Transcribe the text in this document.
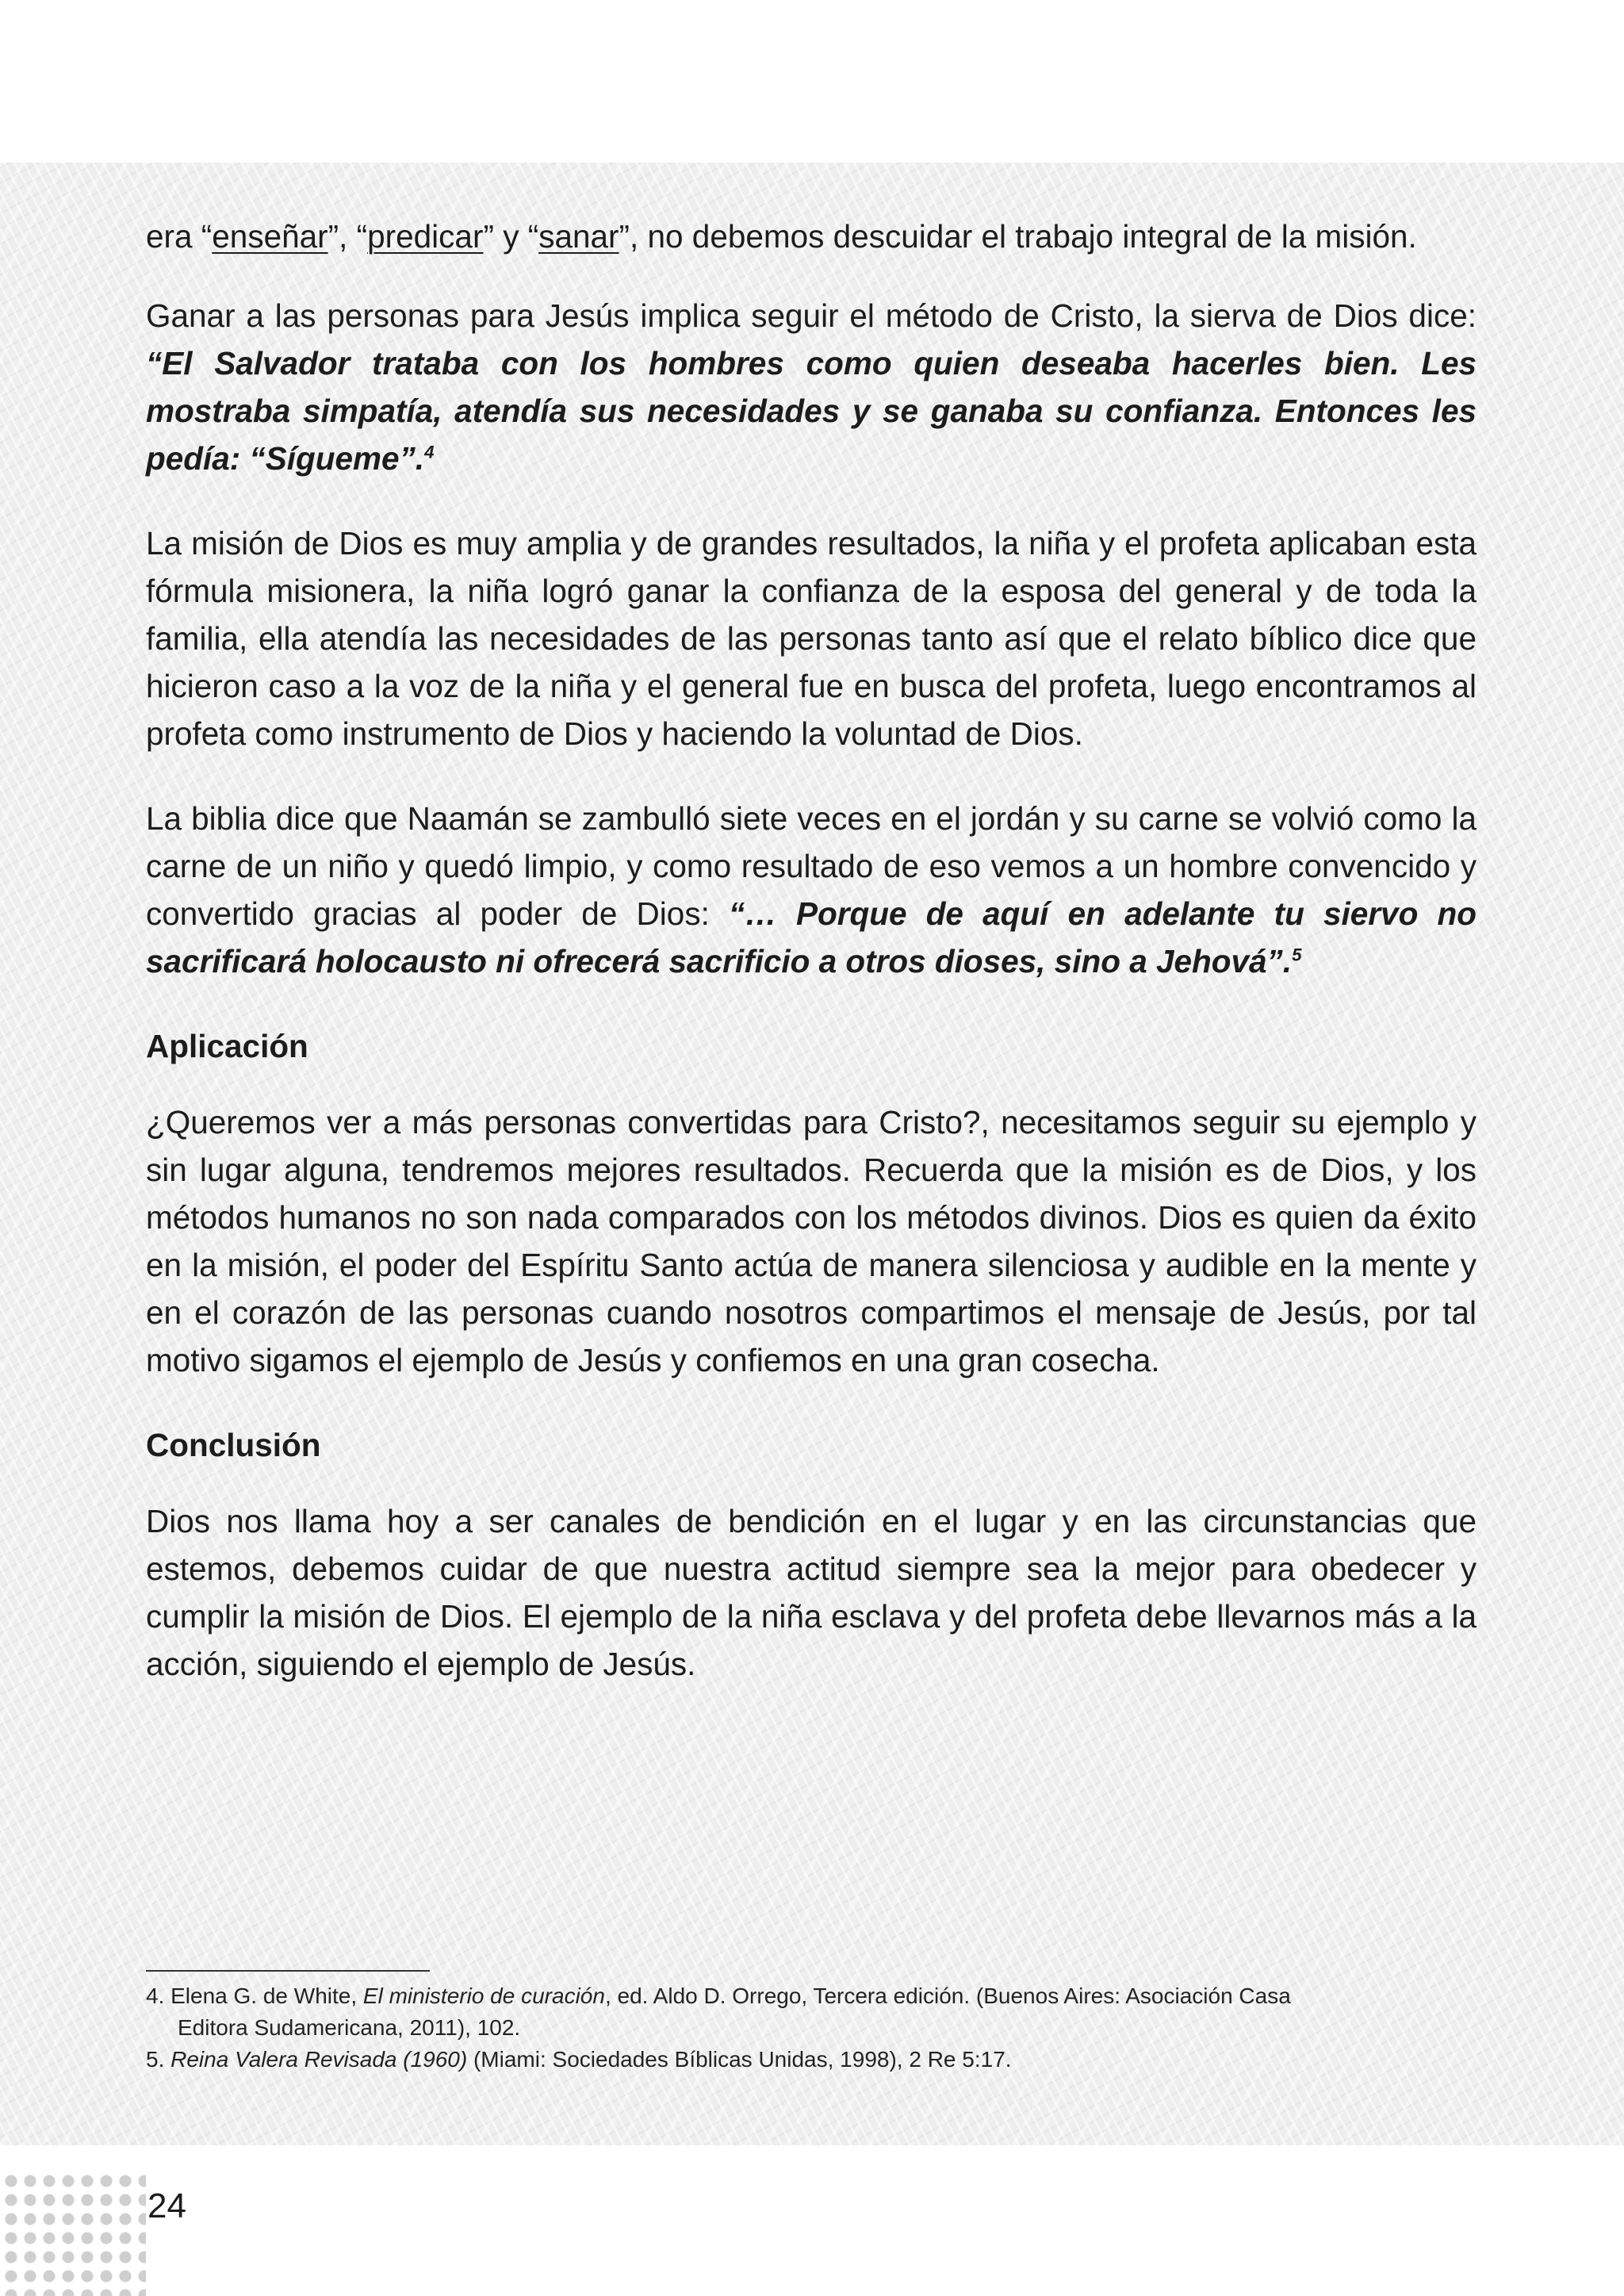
era “enseñar”, “predicar” y “sanar”, no debemos descuidar el trabajo integral de la misión.

Ganar a las personas para Jesús implica seguir el método de Cristo, la sierva de Dios dice: “El Salvador trataba con los hombres como quien deseaba hacerles bien. Les mostraba simpatía, atendía sus necesidades y se ganaba su confianza. Entonces les pedía: “Sígueme”.$^4$

La misión de Dios es muy amplia y de grandes resultados, la niña y el profeta aplicaban esta fórmula misionera, la niña logró ganar la confianza de la esposa del general y de toda la familia, ella atendía las necesidades de las personas tanto así que el relato bíblico dice que hicieron caso a la voz de la niña y el general fue en busca del profeta, luego encontramos al profeta como instrumento de Dios y haciendo la voluntad de Dios.

La biblia dice que Naamán se zambulló siete veces en el jordán y su carne se volvió como la carne de un niño y quedó limpio, y como resultado de eso vemos a un hombre convencido y convertido gracias al poder de Dios: “… Porque de aquí en adelante tu siervo no sacrificará holocausto ni ofrecerá sacrificio a otros dioses, sino a Jehová”.$^5$

Aplicación

¿Queremos ver a más personas convertidas para Cristo?, necesitamos seguir su ejemplo y sin lugar alguna, tendremos mejores resultados. Recuerda que la misión es de Dios, y los métodos humanos no son nada comparados con los métodos divinos. Dios es quien da éxito en la misión, el poder del Espíritu Santo actúa de manera silenciosa y audible en la mente y en el corazón de las personas cuando nosotros compartimos el mensaje de Jesús, por tal motivo sigamos el ejemplo de Jesús y confiemos en una gran cosecha.

Conclusión

Dios nos llama hoy a ser canales de bendición en el lugar y en las circunstancias que estemos, debemos cuidar de que nuestra actitud siempre sea la mejor para obedecer y cumplir la misión de Dios. El ejemplo de la niña esclava y del profeta debe llevarnos más a la acción, siguiendo el ejemplo de Jesús.

4. Elena G. de White, El ministerio de curación, ed. Aldo D. Orrego, Tercera edición. (Buenos Aires: Asociación Casa

Editora Sudamericana, 2011), 102.

5. Reina Valera Revisada (1960) (Miami: Sociedades Bíblicas Unidas, 1998), 2 Re 5:17.

24
